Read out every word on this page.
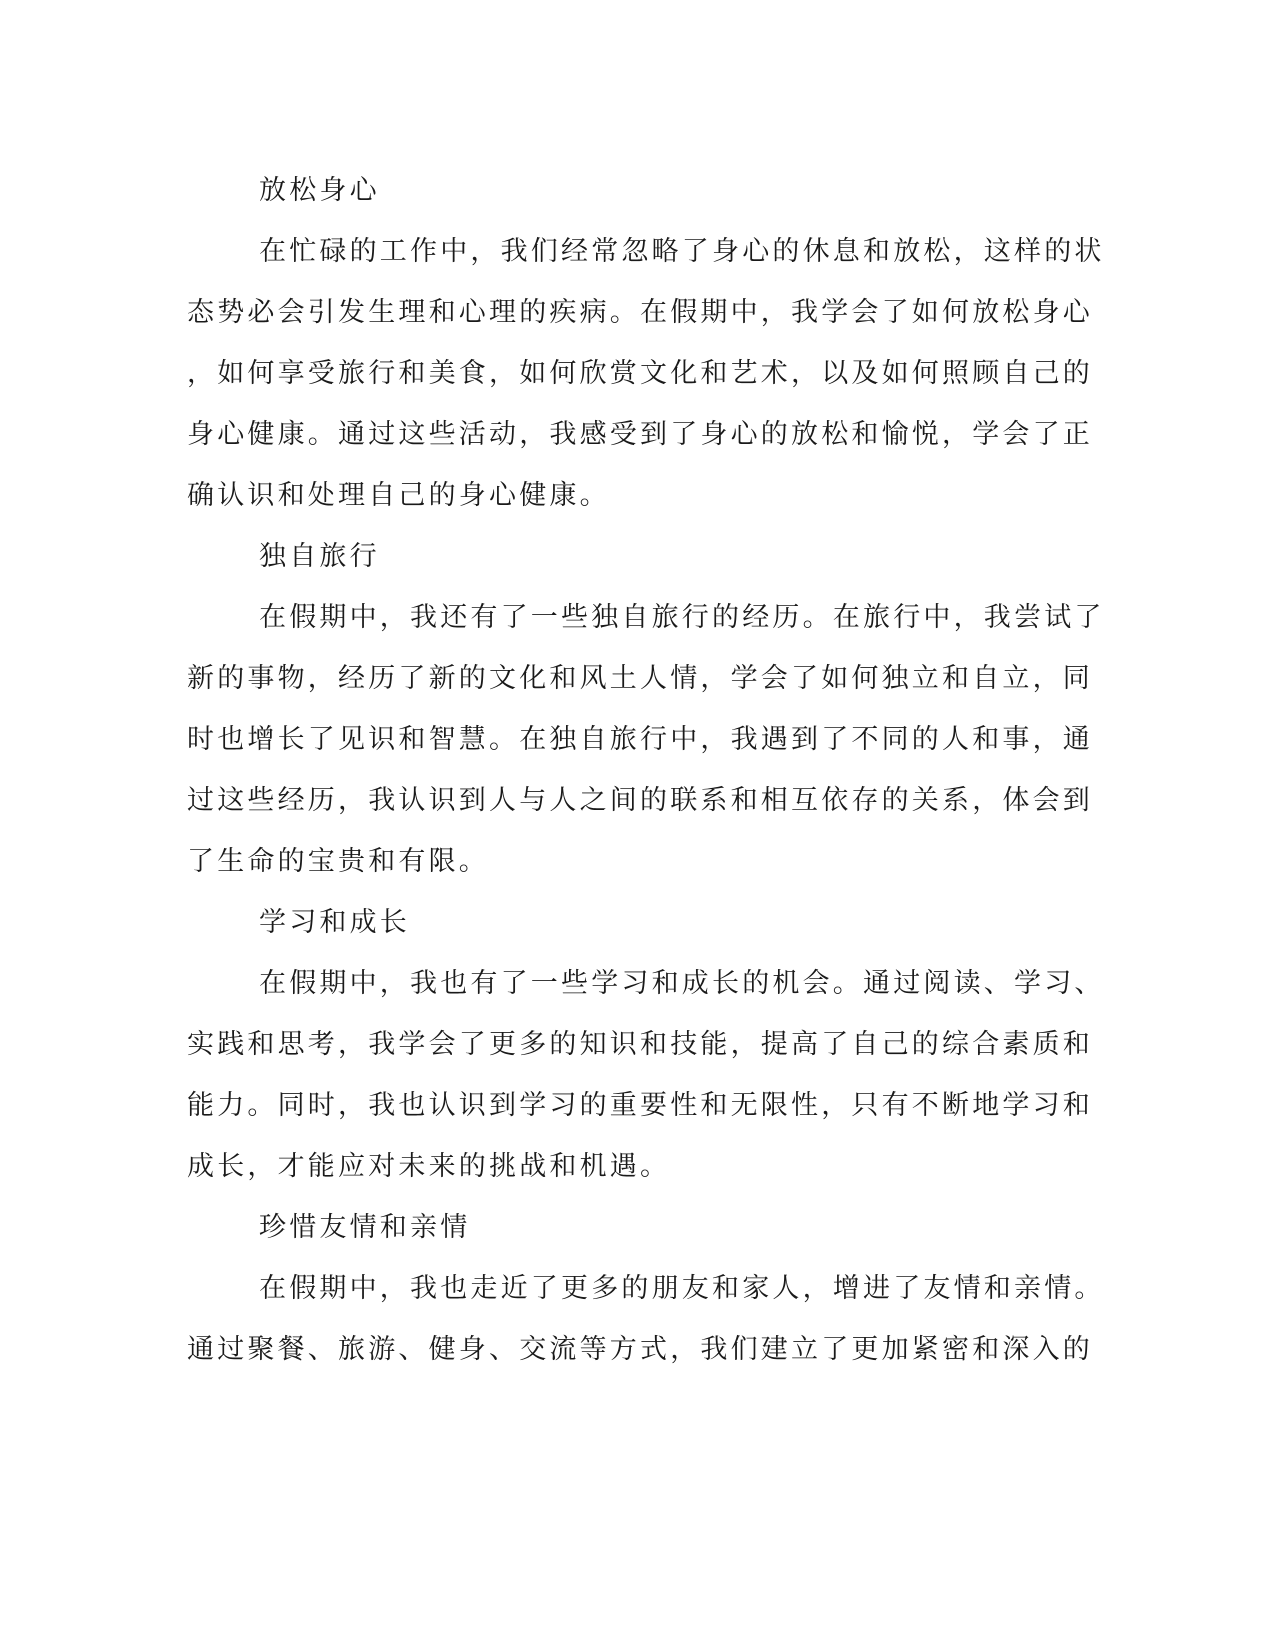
放松身心
在忙碌的工作中，我们经常忽略了身心的休息和放松，这样的状
态势必会引发生理和心理的疾病。在假期中，我学会了如何放松身心
，如何享受旅行和美食，如何欣赏文化和艺术，以及如何照顾自己的
身心健康。通过这些活动，我感受到了身心的放松和愉悦，学会了正
确认识和处理自己的身心健康。
独自旅行
在假期中，我还有了一些独自旅行的经历。在旅行中，我尝试了
新的事物，经历了新的文化和风土人情，学会了如何独立和自立，同
时也增长了见识和智慧。在独自旅行中，我遇到了不同的人和事，通
过这些经历，我认识到人与人之间的联系和相互依存的关系，体会到
了生命的宝贵和有限。
学习和成长
在假期中，我也有了一些学习和成长的机会。通过阅读、学习、
实践和思考，我学会了更多的知识和技能，提高了自己的综合素质和
能力。同时，我也认识到学习的重要性和无限性，只有不断地学习和
成长，才能应对未来的挑战和机遇。
珍惜友情和亲情
在假期中，我也走近了更多的朋友和家人，增进了友情和亲情。
通过聚餐、旅游、健身、交流等方式，我们建立了更加紧密和深入的
